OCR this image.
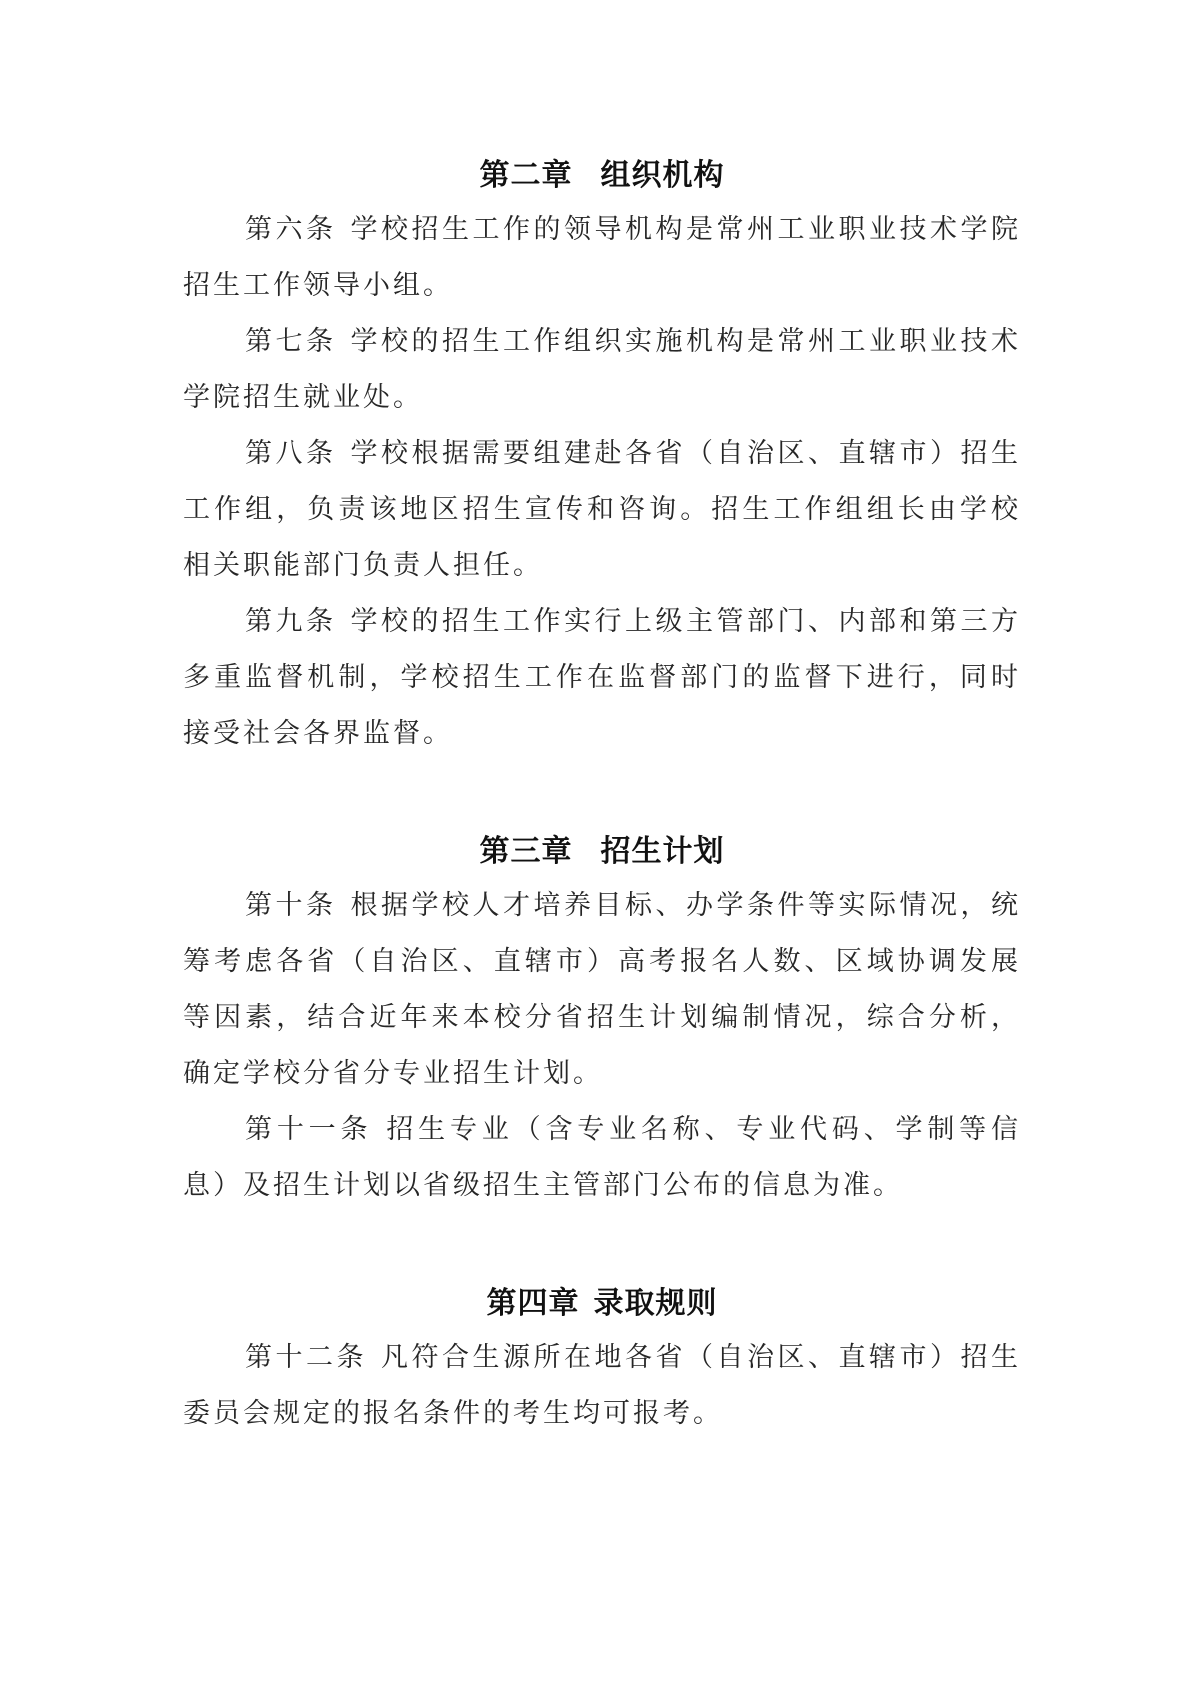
第二章 组织机构

第六条 学校招生工作的领导机构是常州工业职业技术学院招生工作领导小组。

第七条 学校的招生工作组织实施机构是常州工业职业技术学院招生就业处。

第八条 学校根据需要组建赴各省（自治区、直辖市）招生工作组，负责该地区招生宣传和咨询。招生工作组组长由学校相关职能部门负责人担任。

第九条 学校的招生工作实行上级主管部门、内部和第三方多重监督机制，学校招生工作在监督部门的监督下进行，同时接受社会各界监督。

第三章 招生计划

第十条 根据学校人才培养目标、办学条件等实际情况，统筹考虑各省（自治区、直辖市）高考报名人数、区域协调发展等因素，结合近年来本校分省招生计划编制情况，综合分析，确定学校分省分专业招生计划。

第十一条 招生专业（含专业名称、专业代码、学制等信息）及招生计划以省级招生主管部门公布的信息为准。

第四章 录取规则

第十二条 凡符合生源所在地各省（自治区、直辖市）招生委员会规定的报名条件的考生均可报考。
